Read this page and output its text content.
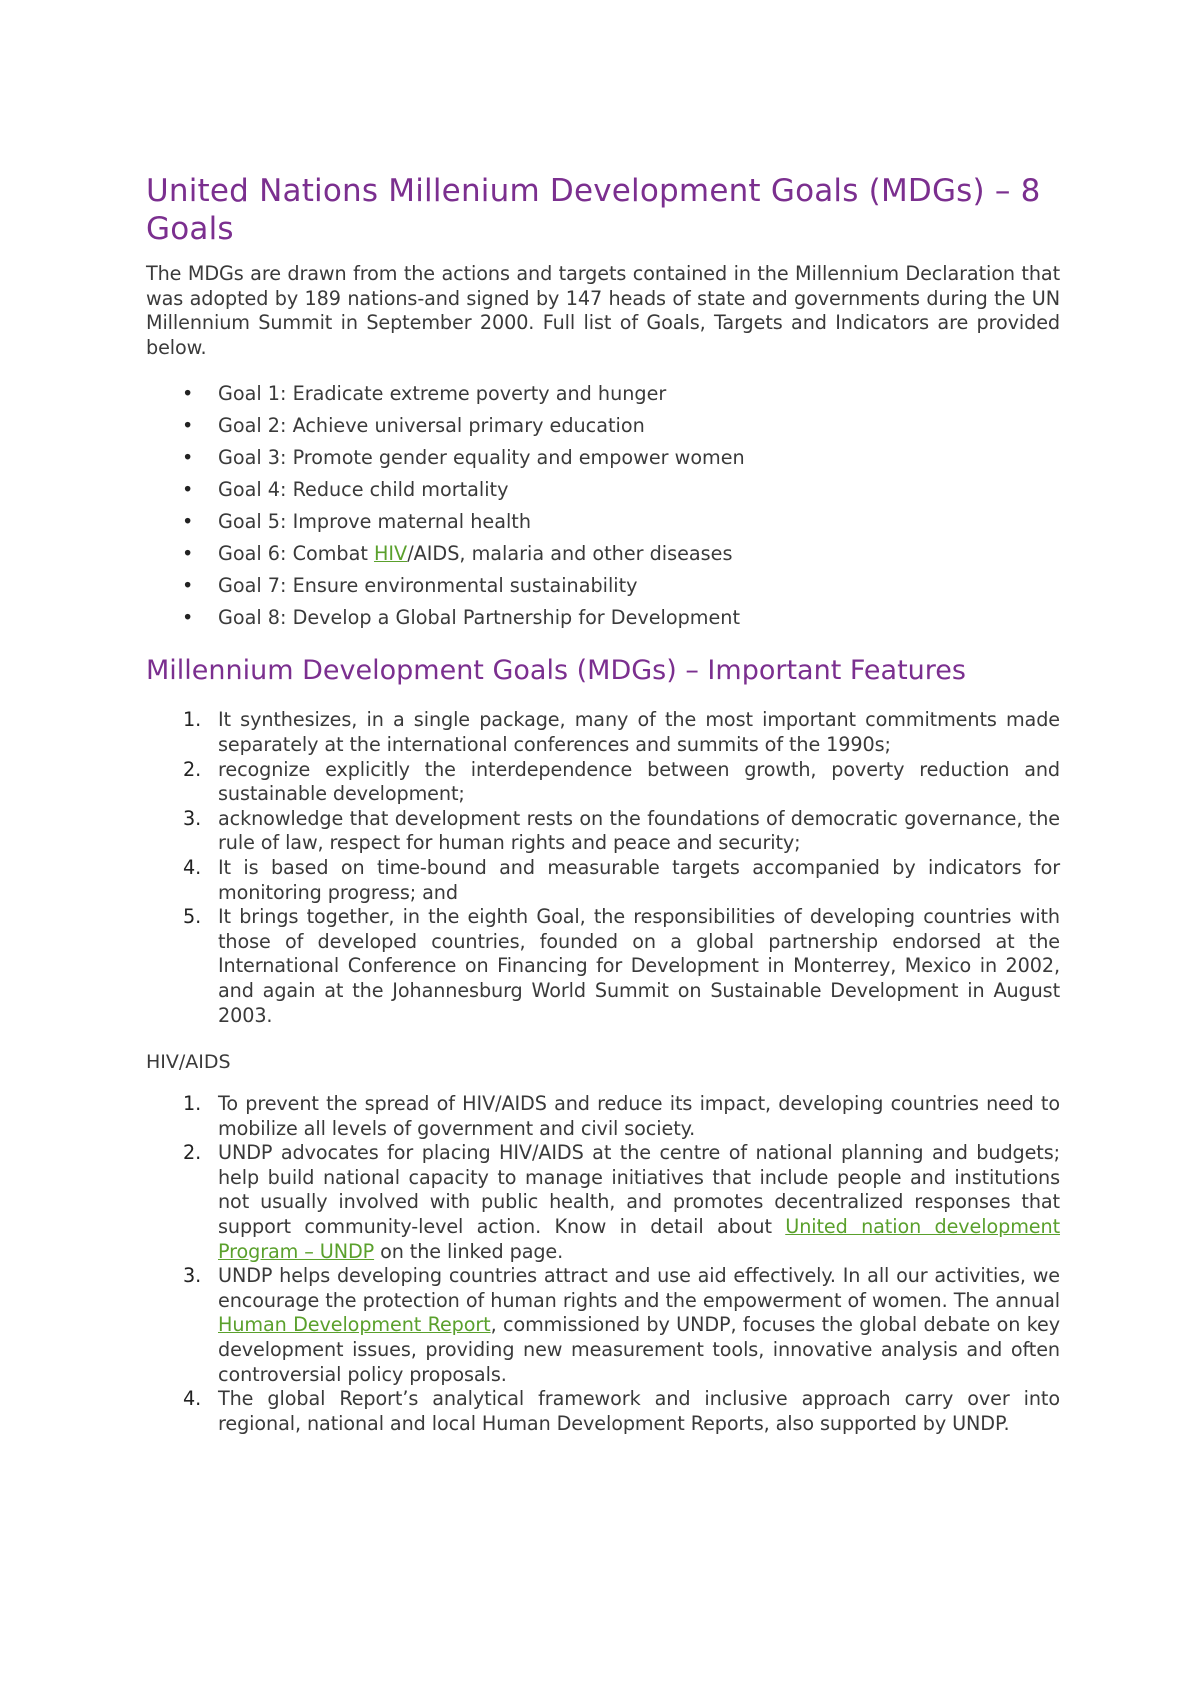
United Nations Millenium Development Goals (MDGs) – 8 Goals

The MDGs are drawn from the actions and targets contained in the Millennium Declaration that was adopted by 189 nations-and signed by 147 heads of state and governments during the UN Millennium Summit in September 2000. Full list of Goals, Targets and Indicators are provided below.

• Goal 1: Eradicate extreme poverty and hunger
• Goal 2: Achieve universal primary education
• Goal 3: Promote gender equality and empower women
• Goal 4: Reduce child mortality
• Goal 5: Improve maternal health
• Goal 6: Combat HIV/AIDS, malaria and other diseases
• Goal 7: Ensure environmental sustainability
• Goal 8: Develop a Global Partnership for Development
Millennium Development Goals (MDGs) – Important Features
1. It synthesizes, in a single package, many of the most important commitments made separately at the international conferences and summits of the 1990s;
2. recognize explicitly the interdependence between growth, poverty reduction and sustainable development;
3. acknowledge that development rests on the foundations of democratic governance, the rule of law, respect for human rights and peace and security;
4. It is based on time-bound and measurable targets accompanied by indicators for monitoring progress; and
5. It brings together, in the eighth Goal, the responsibilities of developing countries with those of developed countries, founded on a global partnership endorsed at the International Conference on Financing for Development in Monterrey, Mexico in 2002, and again at the Johannesburg World Summit on Sustainable Development in August 2003.
HIV/AIDS
1. To prevent the spread of HIV/AIDS and reduce its impact, developing countries need to mobilize all levels of government and civil society.
2. UNDP advocates for placing HIV/AIDS at the centre of national planning and budgets; help build national capacity to manage initiatives that include people and institutions not usually involved with public health, and promotes decentralized responses that support community-level action. Know in detail about United nation development Program – UNDP on the linked page.
3. UNDP helps developing countries attract and use aid effectively. In all our activities, we encourage the protection of human rights and the empowerment of women. The annual Human Development Report, commissioned by UNDP, focuses the global debate on key development issues, providing new measurement tools, innovative analysis and often controversial policy proposals.
4. The global Report’s analytical framework and inclusive approach carry over into regional, national and local Human Development Reports, also supported by UNDP.
